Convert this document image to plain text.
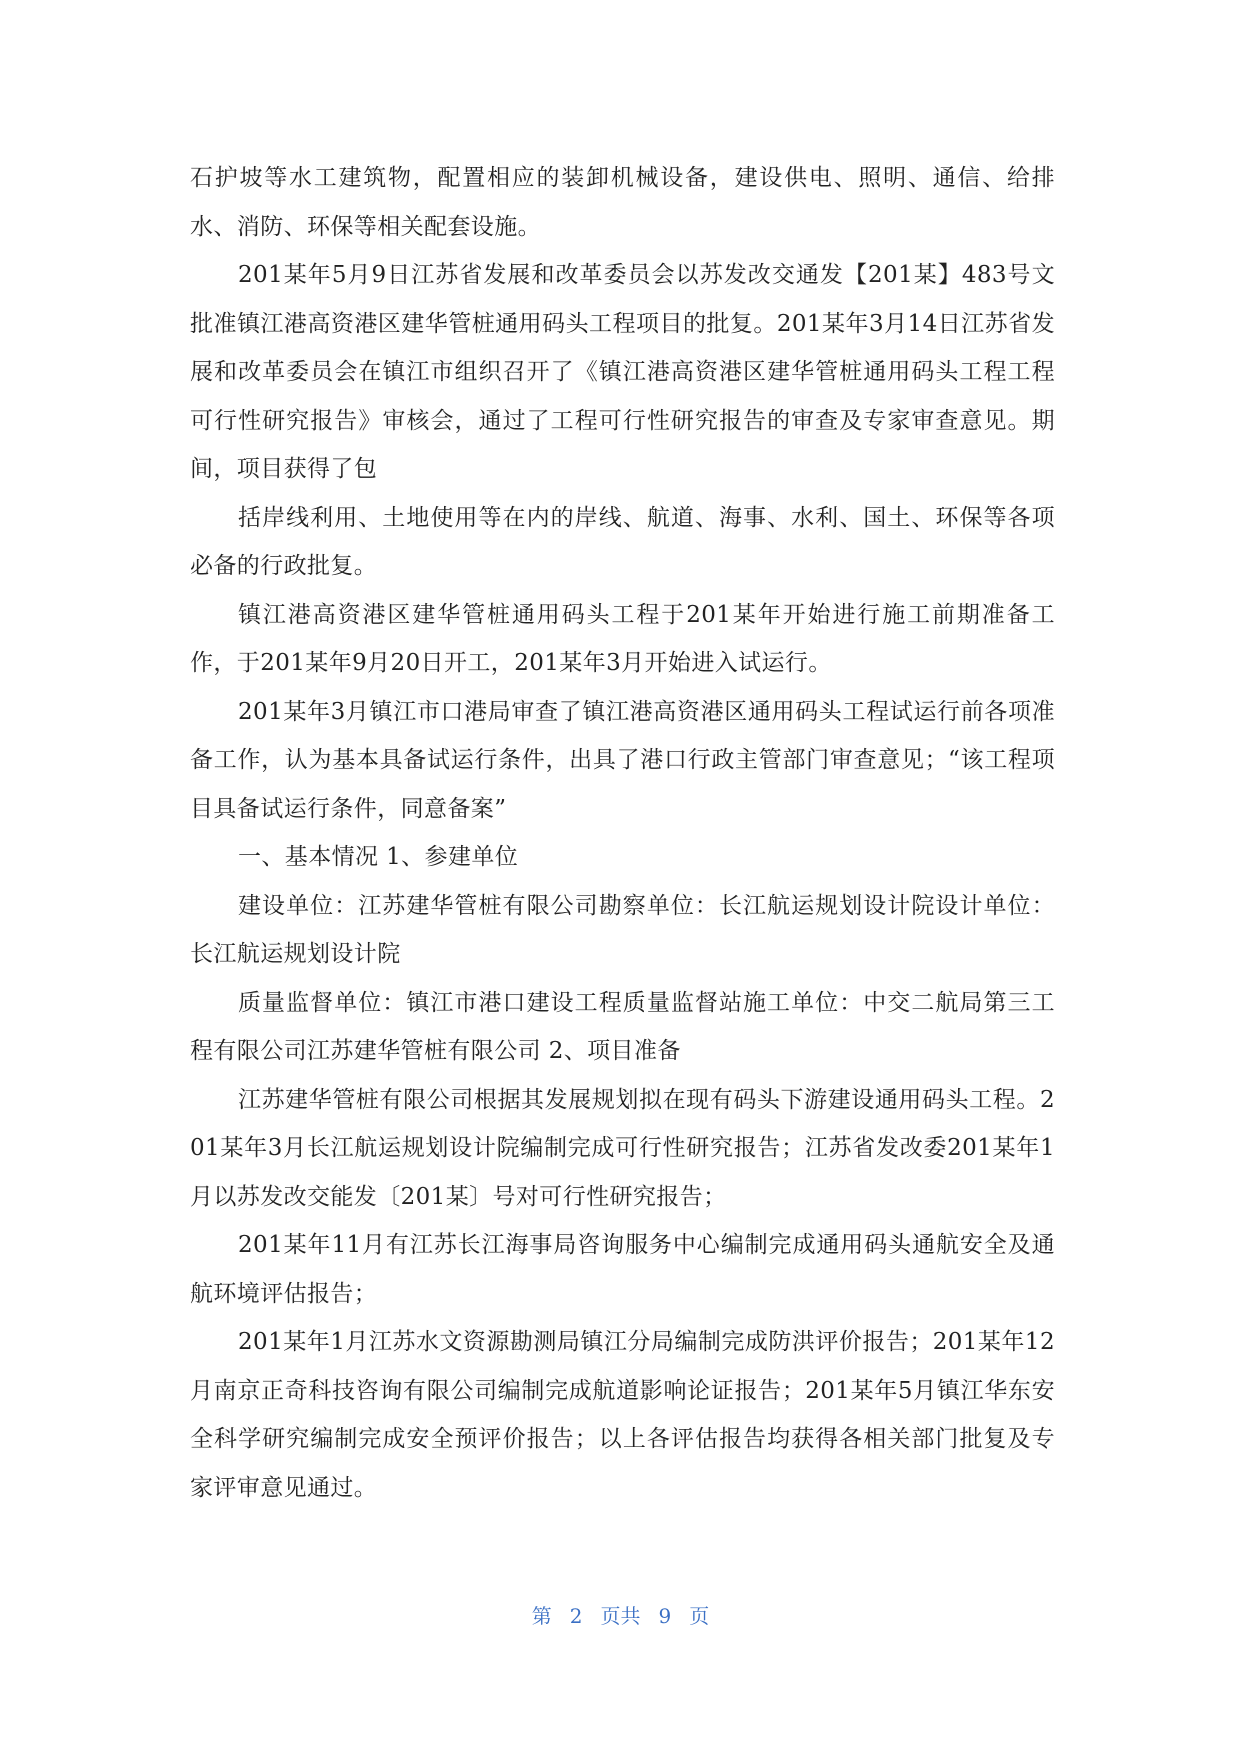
石护坡等水工建筑物，配置相应的装卸机械设备，建设供电、照明、通信、给排水、消防、环保等相关配套设施。

201某年5月9日江苏省发展和改革委员会以苏发改交通发【201某】483号文批准镇江港高资港区建华管桩通用码头工程项目的批复。201某年3月14日江苏省发展和改革委员会在镇江市组织召开了《镇江港高资港区建华管桩通用码头工程工程可行性研究报告》审核会，通过了工程可行性研究报告的审查及专家审查意见。期间，项目获得了包

括岸线利用、土地使用等在内的岸线、航道、海事、水利、国土、环保等各项必备的行政批复。

镇江港高资港区建华管桩通用码头工程于201某年开始进行施工前期准备工作，于201某年9月20日开工，201某年3月开始进入试运行。

201某年3月镇江市口港局审查了镇江港高资港区通用码头工程试运行前各项准备工作，认为基本具备试运行条件，出具了港口行政主管部门审查意见；“该工程项目具备试运行条件，同意备案”

一、基本情况 1、参建单位

建设单位：江苏建华管桩有限公司勘察单位：长江航运规划设计院设计单位：长江航运规划设计院

质量监督单位：镇江市港口建设工程质量监督站施工单位：中交二航局第三工程有限公司江苏建华管桩有限公司 2、项目准备

江苏建华管桩有限公司根据其发展规划拟在现有码头下游建设通用码头工程。201某年3月长江航运规划设计院编制完成可行性研究报告；江苏省发改委201某年1月以苏发改交能发〔201某〕号对可行性研究报告；

201某年11月有江苏长江海事局咨询服务中心编制完成通用码头通航安全及通航环境评估报告；

201某年1月江苏水文资源勘测局镇江分局编制完成防洪评价报告；201某年12月南京正奇科技咨询有限公司编制完成航道影响论证报告；201某年5月镇江华东安全科学研究编制完成安全预评价报告；以上各评估报告均获得各相关部门批复及专家评审意见通过。

第 2 页共 9 页
